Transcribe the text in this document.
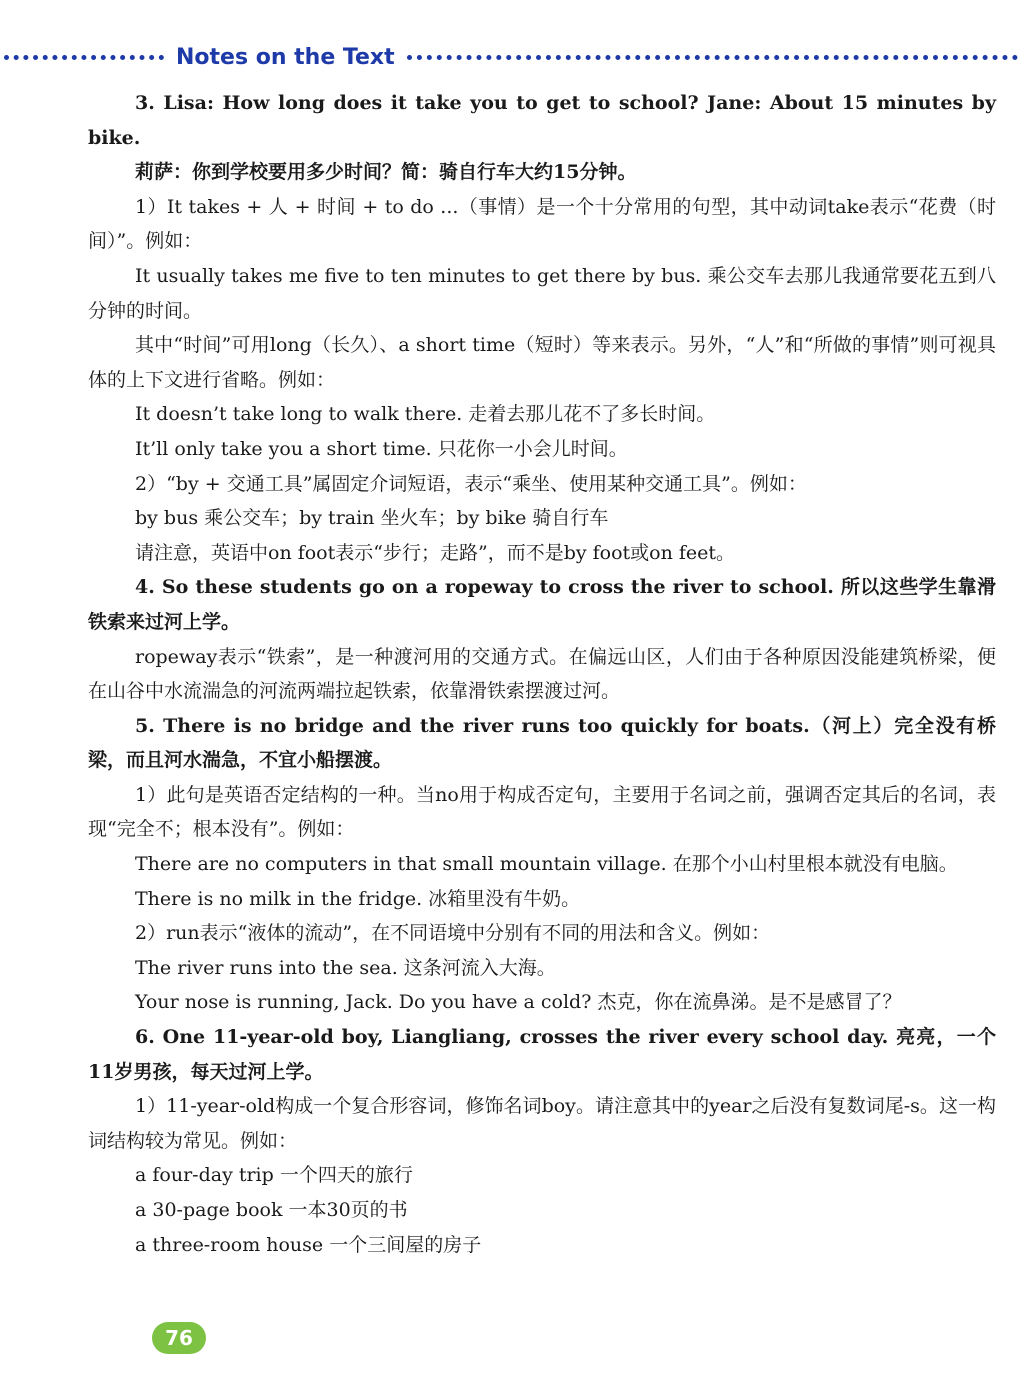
Notes on the Text

3. Lisa: How long does it take you to get to school? Jane: About 15 minutes by bike.

莉萨：你到学校要用多少时间？简：骑自行车大约15分钟。

1）It takes + 人 + 时间 + to do ...（事情）是一个十分常用的句型，其中动词take表示“花费（时间）”。例如：

It usually takes me five to ten minutes to get there by bus. 乘公交车去那儿我通常要花五到八分钟的时间。

其中“时间”可用long（长久）、a short time（短时）等来表示。另外，“人”和“所做的事情”则可视具体的上下文进行省略。例如：

It doesn’t take long to walk there. 走着去那儿花不了多长时间。

It’ll only take you a short time. 只花你一小会儿时间。

2）“by + 交通工具”属固定介词短语，表示“乘坐、使用某种交通工具”。例如：

by bus 乘公交车；by train 坐火车；by bike 骑自行车

请注意，英语中on foot表示“步行；走路”，而不是by foot或on feet。

4. So these students go on a ropeway to cross the river to school. 所以这些学生靠滑铁索来过河上学。

ropeway表示“铁索”，是一种渡河用的交通方式。在偏远山区，人们由于各种原因没能建筑桥梁，便在山谷中水流湍急的河流两端拉起铁索，依靠滑铁索摆渡过河。

5. There is no bridge and the river runs too quickly for boats.（河上）完全没有桥梁，而且河水湍急，不宜小船摆渡。

1）此句是英语否定结构的一种。当no用于构成否定句，主要用于名词之前，强调否定其后的名词，表现“完全不；根本没有”。例如：

There are no computers in that small mountain village. 在那个小山村里根本就没有电脑。

There is no milk in the fridge. 冰箱里没有牛奶。

2）run表示“液体的流动”，在不同语境中分别有不同的用法和含义。例如：

The river runs into the sea. 这条河流入大海。

Your nose is running, Jack. Do you have a cold? 杰克，你在流鼻涕。是不是感冒了？

6. One 11-year-old boy, Liangliang, crosses the river every school day. 亮亮，一个11岁男孩，每天过河上学。

1）11-year-old构成一个复合形容词，修饰名词boy。请注意其中的year之后没有复数词尾-s。这一构词结构较为常见。例如：

a four-day trip 一个四天的旅行

a 30-page book 一本30页的书

a three-room house 一个三间屋的房子

76
